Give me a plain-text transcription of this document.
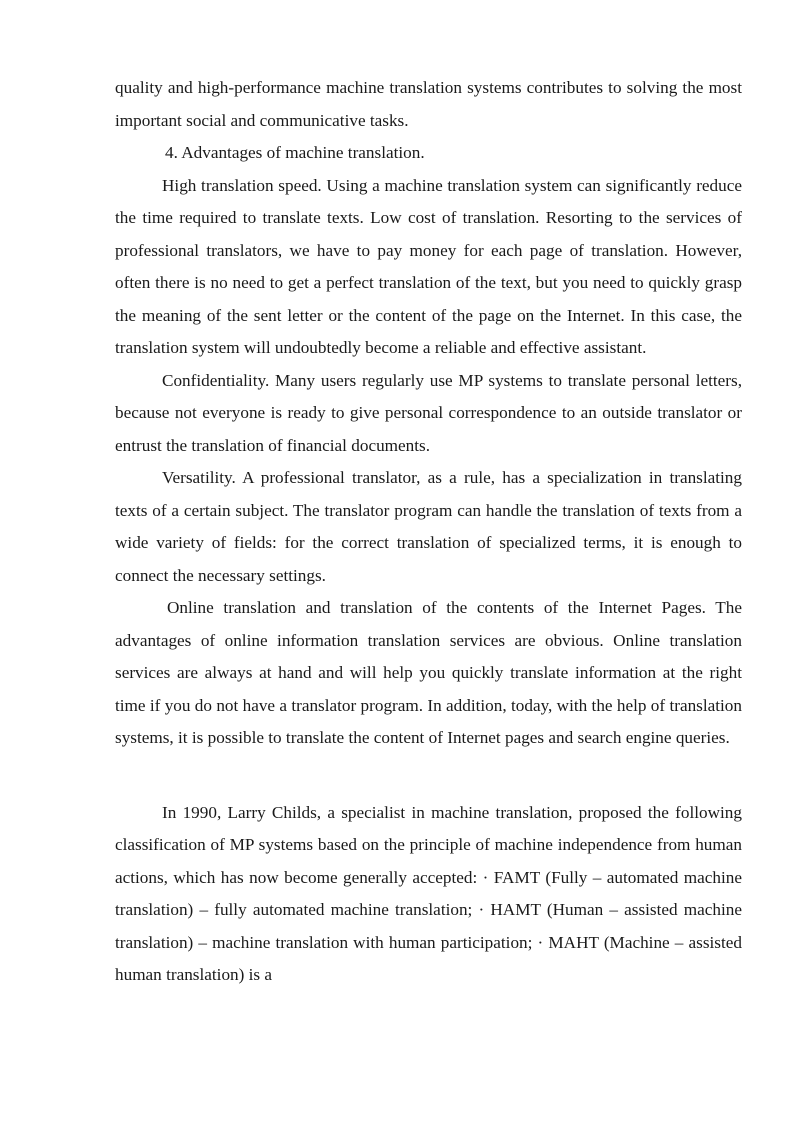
quality and high-performance machine translation systems contributes to solving the most important social and communicative tasks.

4. Advantages of machine translation.

High translation speed. Using a machine translation system can significantly reduce the time required to translate texts. Low cost of translation. Resorting to the services of professional translators, we have to pay money for each page of translation. However, often there is no need to get a perfect translation of the text, but you need to quickly grasp the meaning of the sent letter or the content of the page on the Internet. In this case, the translation system will undoubtedly become a reliable and effective assistant.

Confidentiality. Many users regularly use MP systems to translate personal letters, because not everyone is ready to give personal correspondence to an outside translator or entrust the translation of financial documents.

Versatility. A professional translator, as a rule, has a specialization in translating texts of a certain subject. The translator program can handle the translation of texts from a wide variety of fields: for the correct translation of specialized terms, it is enough to connect the necessary settings.

Online translation and translation of the contents of the Internet Pages. The advantages of online information translation services are obvious. Online translation services are always at hand and will help you quickly translate information at the right time if you do not have a translator program. In addition, today, with the help of translation systems, it is possible to translate the content of Internet pages and search engine queries.

In 1990, Larry Childs, a specialist in machine translation, proposed the following classification of MP systems based on the principle of machine independence from human actions, which has now become generally accepted: · FAMT (Fully – automated machine translation) – fully automated machine translation; · HAMT (Human – assisted machine translation) – machine translation with human participation; · MAHT (Machine – assisted human translation) is a
